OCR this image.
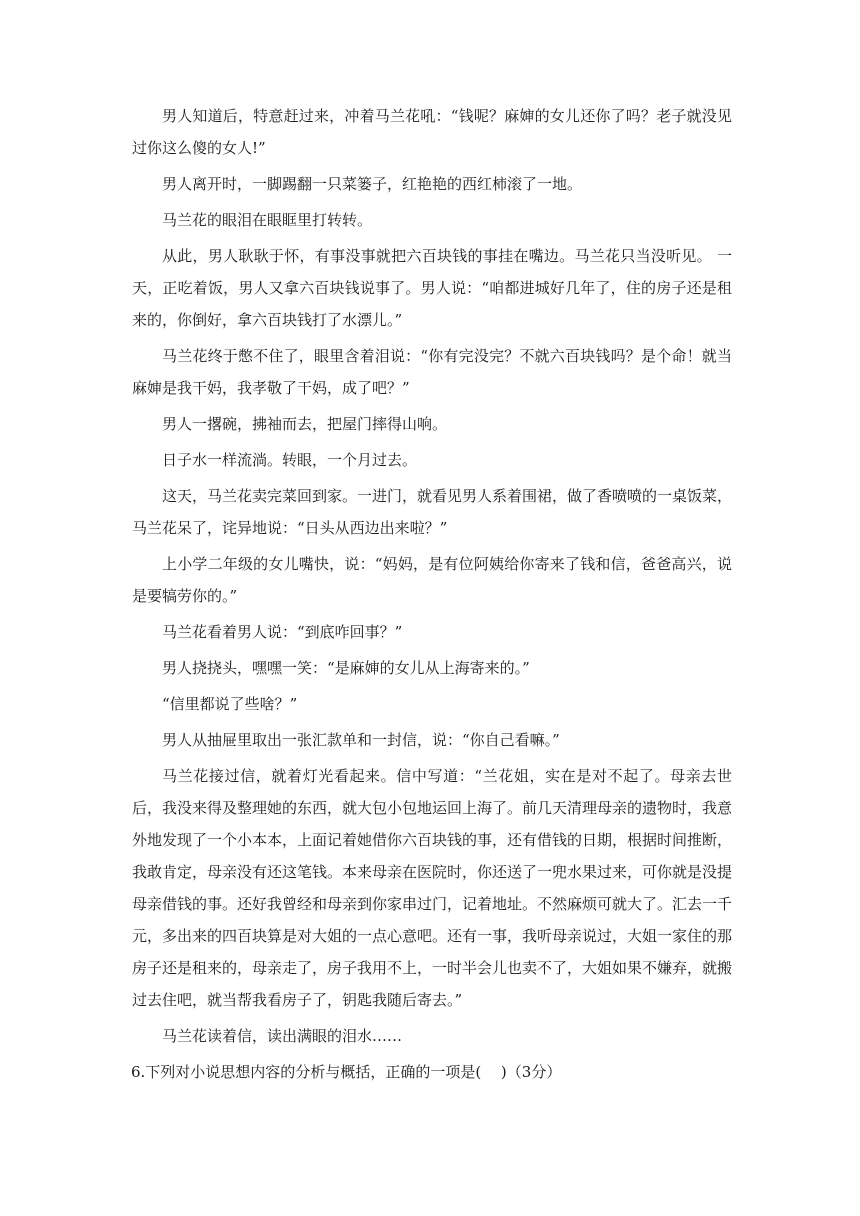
男人知道后，特意赶过来，冲着马兰花吼：“钱呢？麻婶的女儿还你了吗？老子就没见过你这么傻的女人!”

男人离开时，一脚踢翻一只菜篓子，红艳艳的西红柿滚了一地。

马兰花的眼泪在眼眶里打转转。

从此，男人耿耿于怀，有事没事就把六百块钱的事挂在嘴边。马兰花只当没听见。 一天，正吃着饭，男人又拿六百块钱说事了。男人说：“咱都进城好几年了，住的房子还是租来的，你倒好，拿六百块钱打了水漂儿。”

马兰花终于憋不住了，眼里含着泪说：“你有完没完？不就六百块钱吗？是个命！就当麻婶是我干妈，我孝敬了干妈，成了吧？”

男人一撂碗，拂袖而去，把屋门摔得山响。

日子水一样流淌。转眼，一个月过去。

这天，马兰花卖完菜回到家。一进门，就看见男人系着围裙，做了香喷喷的一桌饭菜，马兰花呆了，诧异地说：“日头从西边出来啦？”

上小学二年级的女儿嘴快，说：“妈妈，是有位阿姨给你寄来了钱和信，爸爸高兴，说是要犒劳你的。”

马兰花看着男人说：“到底咋回事？”

男人挠挠头，嘿嘿一笑：“是麻婶的女儿从上海寄来的。”

“信里都说了些啥？”

男人从抽屉里取出一张汇款单和一封信，说：“你自己看嘛。”

马兰花接过信，就着灯光看起来。信中写道：“兰花姐，实在是对不起了。母亲去世后，我没来得及整理她的东西，就大包小包地运回上海了。前几天清理母亲的遗物时，我意外地发现了一个小本本，上面记着她借你六百块钱的事，还有借钱的日期，根据时间推断，我敢肯定，母亲没有还这笔钱。本来母亲在医院时，你还送了一兜水果过来，可你就是没提母亲借钱的事。还好我曾经和母亲到你家串过门，记着地址。不然麻烦可就大了。汇去一千元，多出来的四百块算是对大姐的一点心意吧。还有一事，我听母亲说过，大姐一家住的那房子还是租来的，母亲走了，房子我用不上，一时半会儿也卖不了，大姐如果不嫌弃，就搬过去住吧，就当帮我看房子了，钥匙我随后寄去。”

马兰花读着信，读出满眼的泪水……

6.下列对小说思想内容的分析与概括，正确的一项是(　 )（3分）
